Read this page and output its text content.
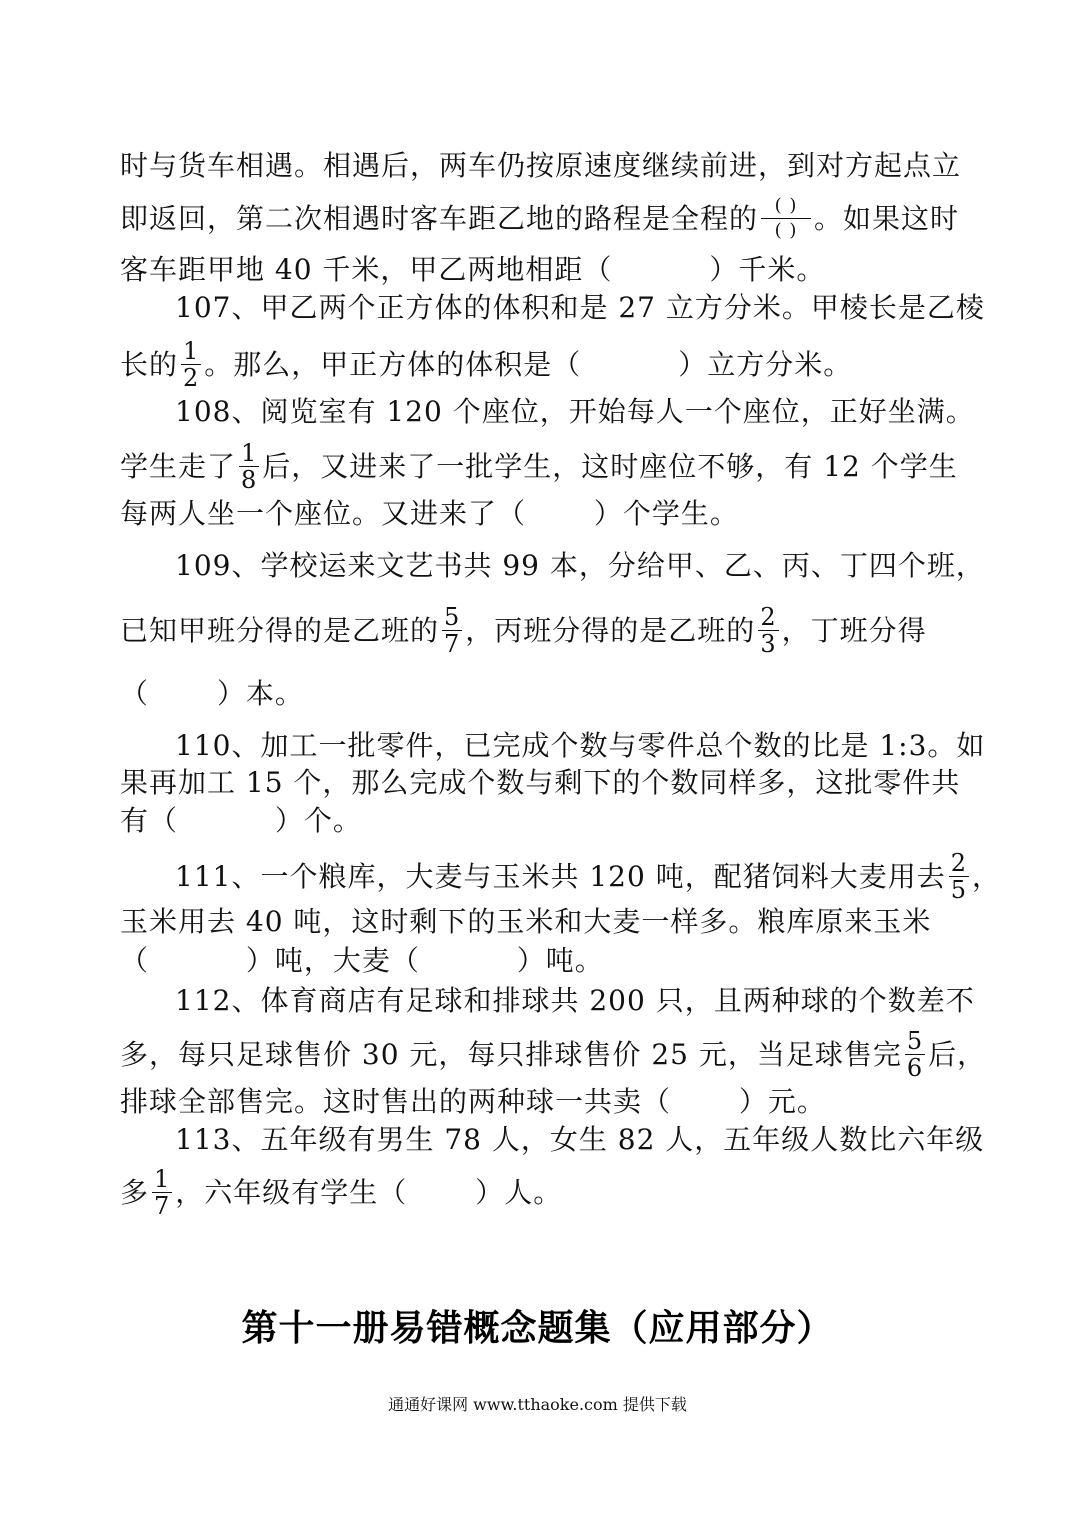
时与货车相遇。相遇后，两车仍按原速度继续前进，到对方起点立
即返回，第二次相遇时客车距乙地的路程是全程的 $\frac{( )}{( )}$ 。如果这时
客车距甲地 40 千米，甲乙两地相距（　　　 ）千米。
107、甲乙两个正方体的体积和是 27 立方分米。甲棱长是乙棱
长的 $\frac{1}{2}$ 。那么，甲正方体的体积是（　　　 ）立方分米。
108、阅览室有 120 个座位，开始每人一个座位，正好坐满。
学生走了 $\frac{1}{8}$ 后，又进来了一批学生，这时座位不够，有 12 个学生
每两人坐一个座位。又进来了（　　 ）个学生。
109、学校运来文艺书共 99 本，分给甲、乙、丙、丁四个班，
已知甲班分得的是乙班的 $\frac{5}{7}$ ，丙班分得的是乙班的 $\frac{2}{3}$ ，丁班分得
（　　 ）本。
110、加工一批零件，已完成个数与零件总个数的比是 1:3。如
果再加工 15 个，那么完成个数与剩下的个数同样多，这批零件共
有（　　　 ）个。
111、一个粮库，大麦与玉米共 120 吨，配猪饲料大麦用去 $\frac{2}{5}$ ，
玉米用去 40 吨，这时剩下的玉米和大麦一样多。粮库原来玉米
（　　　 ）吨，大麦（　　　 ）吨。
112、体育商店有足球和排球共 200 只，且两种球的个数差不
多，每只足球售价 30 元，每只排球售价 25 元，当足球售完 $\frac{5}{6}$ 后，
排球全部售完。这时售出的两种球一共卖（　　 ）元。
113、五年级有男生 78 人，女生 82 人，五年级人数比六年级
多 $\frac{1}{7}$ ，六年级有学生（　　 ）人。
第十一册易错概念题集（应用部分）
通通好课网 www.tthaoke.com 提供下载
